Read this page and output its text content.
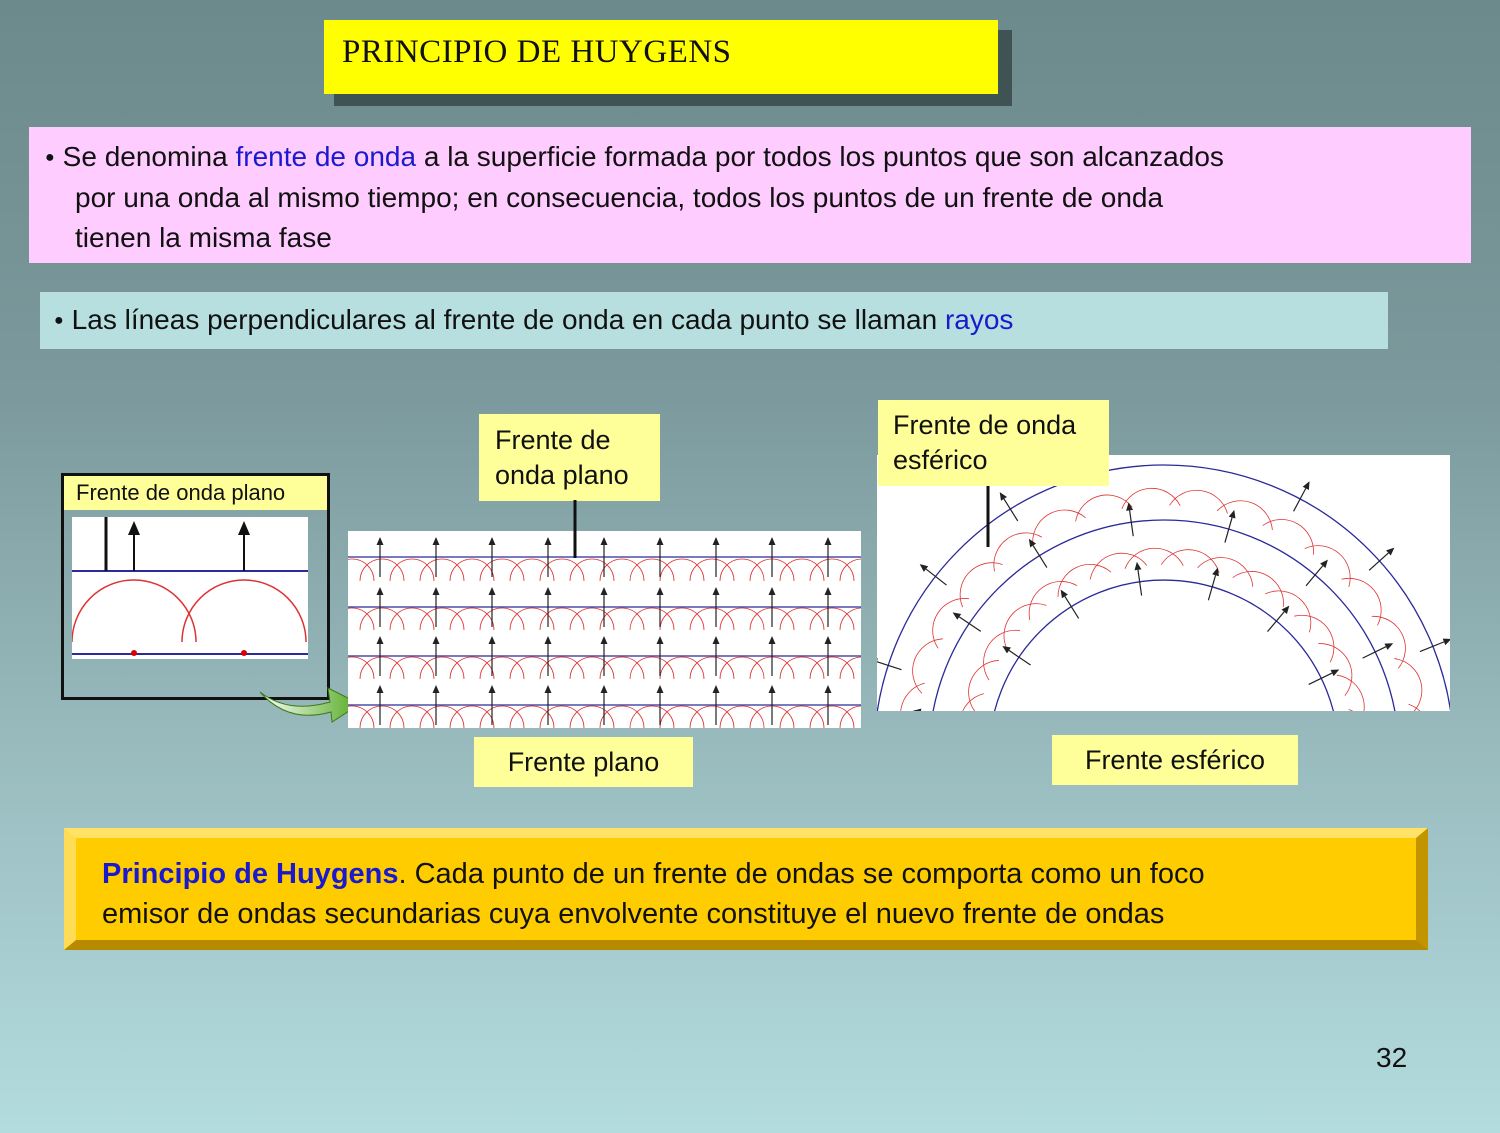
PRINCIPIO DE HUYGENS
● Se denomina frente de onda a la superficie formada por todos los puntos que son alcanzados
por una onda al mismo tiempo; en consecuencia, todos los puntos de un frente de onda
tienen la misma fase
● Las líneas perpendiculares al frente de onda en cada punto se llaman rayos
Frente de onda plano
Frente de
onda plano
Frente de onda
esférico
Frente plano	Frente esférico
Principio de Huygens. Cada punto de un frente de ondas se comporta como un foco
emisor de ondas secundarias cuya envolvente constituye el nuevo frente de ondas
32
